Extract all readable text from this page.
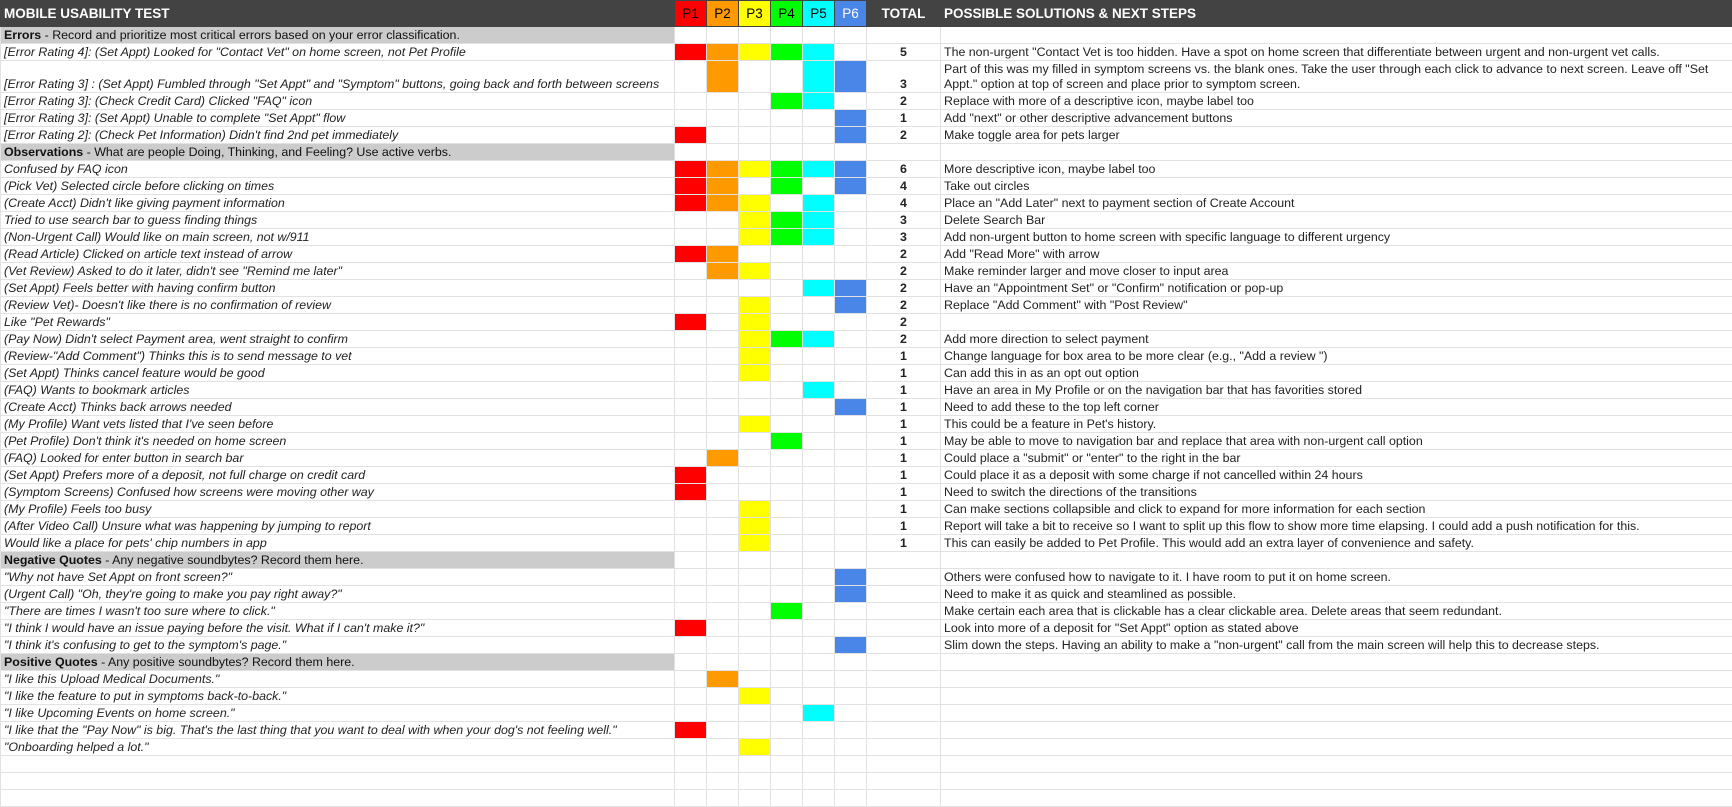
MOBILE USABILITY TEST	P1	P2	P3	P4	P5	P6	TOTAL	POSSIBLE SOLUTIONS & NEXT STEPS
Errors - Record and prioritize most critical errors based on your error classification.								
[Error Rating 4]: (Set Appt) Looked for "Contact Vet" on home screen, not Pet Profile							5	The non-urgent "Contact Vet is too hidden. Have a spot on home screen that differentiate between urgent and non-urgent vet calls.
[Error Rating 3] : (Set Appt) Fumbled through "Set Appt" and "Symptom" buttons, going back and forth between screens							3	Part of this was my filled in symptom screens vs. the blank ones. Take the user through each click to advance to next screen. Leave off "Set Appt." option at top of screen and place prior to symptom screen.
[Error Rating 3]: (Check Credit Card) Clicked "FAQ" icon							2	Replace with more of a descriptive icon, maybe label too
[Error Rating 3]: (Set Appt) Unable to complete "Set Appt" flow							1	Add "next" or other descriptive advancement buttons
[Error Rating 2]: (Check Pet Information) Didn't find 2nd pet immediately							2	Make toggle area for pets larger
Observations - What are people Doing, Thinking, and Feeling? Use active verbs.								
Confused by FAQ icon							6	More descriptive icon, maybe label too
(Pick Vet) Selected circle before clicking on times							4	Take out circles
(Create Acct) Didn't like giving payment information							4	Place an "Add Later" next to payment section of Create Account
Tried to use search bar to guess finding things							3	Delete Search Bar
(Non-Urgent Call) Would like on main screen, not w/911							3	Add non-urgent button to home screen with specific language to different urgency
(Read Article) Clicked on article text instead of arrow							2	Add "Read More" with arrow
(Vet Review) Asked to do it later, didn't see "Remind me later"							2	Make reminder larger and move closer to input area
(Set Appt) Feels better with having confirm button							2	Have an "Appointment Set" or "Confirm" notification or pop-up
(Review Vet)- Doesn't like there is no confirmation of review							2	Replace "Add Comment" with "Post Review"
Like "Pet Rewards"							2	
(Pay Now) Didn't select Payment area, went straight to confirm							2	Add more direction to select payment
(Review-"Add Comment") Thinks this is to send message to vet							1	Change language for box area to be more clear (e.g., "Add a review ")
(Set Appt) Thinks cancel feature would be good							1	Can add this in as an opt out option
(FAQ) Wants to bookmark articles							1	Have an area in My Profile or on the navigation bar that has favorities stored
(Create Acct) Thinks back arrows needed							1	Need to add these to the top left corner
(My Profile) Want vets listed that I've seen before							1	This could be a feature in Pet's history.
(Pet Profile) Don't think it's needed on home screen							1	May be able to move to navigation bar and replace that area with non-urgent call option
(FAQ) Looked for enter button in search bar							1	Could place a "submit" or "enter" to the right in the bar
(Set Appt) Prefers more of a deposit, not full charge on credit card							1	Could place it as a deposit with some charge if not cancelled within 24 hours
(Symptom Screens) Confused how screens were moving other way							1	Need to switch the directions of the transitions
(My Profile) Feels too busy							1	Can make sections collapsible and click to expand for more information for each section
(After Video Call) Unsure what was happening by jumping to report							1	Report will take a bit to receive so I want to split up this flow to show more time elapsing. I could add a push notification for this.
Would like a place for pets' chip numbers in app							1	This can easily be added to Pet Profile. This would add an extra layer of convenience and safety.
Negative Quotes - Any negative soundbytes? Record them here.								
"Why not have Set Appt on front screen?"								Others were confused how to navigate to it. I have room to put it on home screen.
(Urgent Call) "Oh, they're going to make you pay right away?"								Need to make it as quick and steamlined as possible.
"There are times I wasn't too sure where to click."								Make certain each area that is clickable has a clear clickable area. Delete areas that seem redundant.
"I think I would have an issue paying before the visit. What if I can't make it?"								Look into more of a deposit for "Set Appt" option as stated above
"I think it's confusing to get to the symptom's page."								Slim down the steps. Having an ability to make a "non-urgent" call from the main screen will help this to decrease steps.
Positive Quotes - Any positive soundbytes? Record them here.								
"I like this Upload Medical Documents."								
"I like the feature to put in symptoms back-to-back."								
"I like Upcoming Events on home screen."								
"I like that the "Pay Now" is big. That's the last thing that you want to deal with when your dog's not feeling well."								
"Onboarding helped a lot."								
